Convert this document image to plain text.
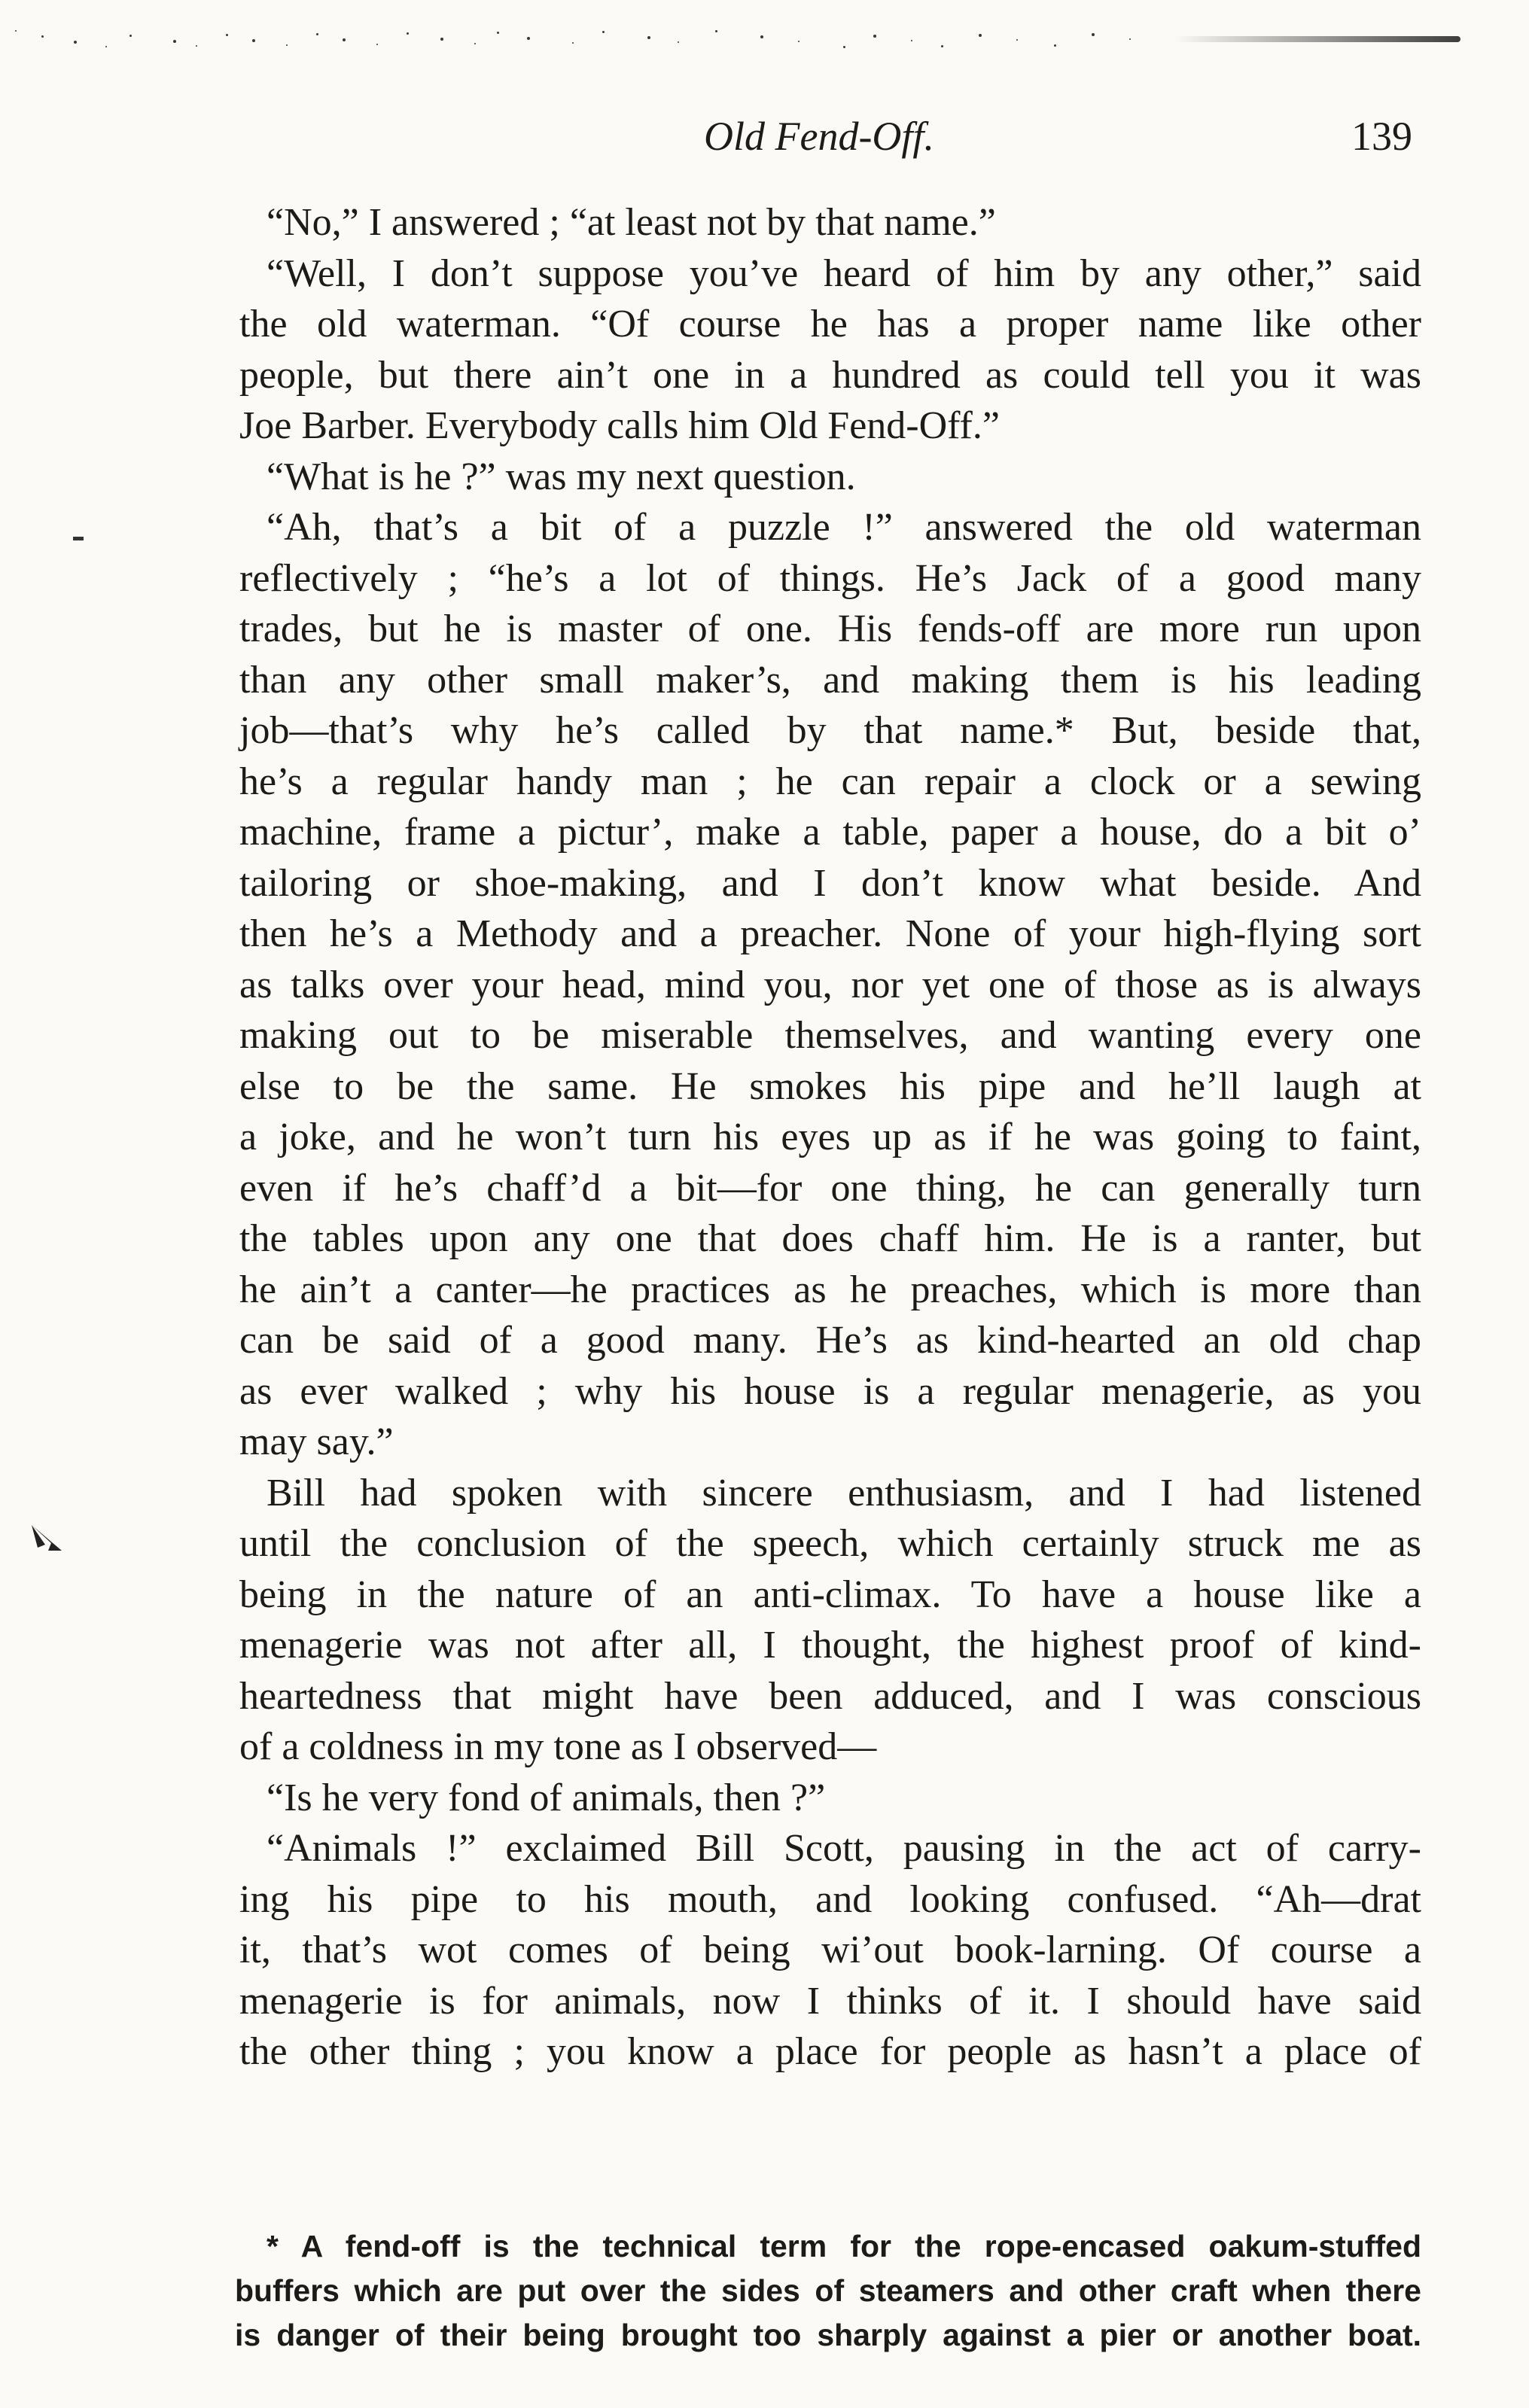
Old Fend-Off.	139
“No,” I answered ; “at least not by that name.”
“Well, I don’t suppose you’ve heard of him by any other,” said
the old waterman. “Of course he has a proper name like other
people, but there ain’t one in a hundred as could tell you it was
Joe Barber. Everybody calls him Old Fend-Off.”
“What is he ?” was my next question.
“Ah, that’s a bit of a puzzle !” answered the old waterman
reflectively ; “he’s a lot of things. He’s Jack of a good many
trades, but he is master of one. His fends-off are more run upon
than any other small maker’s, and making them is his leading
job—that’s why he’s called by that name.* But, beside that,
he’s a regular handy man ; he can repair a clock or a sewing
machine, frame a pictur’, make a table, paper a house, do a bit o’
tailoring or shoe-making, and I don’t know what beside. And
then he’s a Methody and a preacher. None of your high-flying sort
as talks over your head, mind you, nor yet one of those as is always
making out to be miserable themselves, and wanting every one
else to be the same. He smokes his pipe and he’ll laugh at
a joke, and he won’t turn his eyes up as if he was going to faint,
even if he’s chaff’d a bit—for one thing, he can generally turn
the tables upon any one that does chaff him. He is a ranter, but
he ain’t a canter—he practices as he preaches, which is more than
can be said of a good many. He’s as kind-hearted an old chap
as ever walked ; why his house is a regular menagerie, as you
may say.”
Bill had spoken with sincere enthusiasm, and I had listened
until the conclusion of the speech, which certainly struck me as
being in the nature of an anti-climax. To have a house like a
menagerie was not after all, I thought, the highest proof of kind-
heartedness that might have been adduced, and I was conscious
of a coldness in my tone as I observed—
“Is he very fond of animals, then ?”
“Animals !” exclaimed Bill Scott, pausing in the act of carry-
ing his pipe to his mouth, and looking confused. “Ah—drat
it, that’s wot comes of being wi’out book-larning. Of course a
menagerie is for animals, now I thinks of it. I should have said
the other thing ; you know a place for people as hasn’t a place of
* A fend-off is the technical term for the rope-encased oakum-stuffed
buffers which are put over the sides of steamers and other craft when there
is danger of their being brought too sharply against a pier or another boat.
